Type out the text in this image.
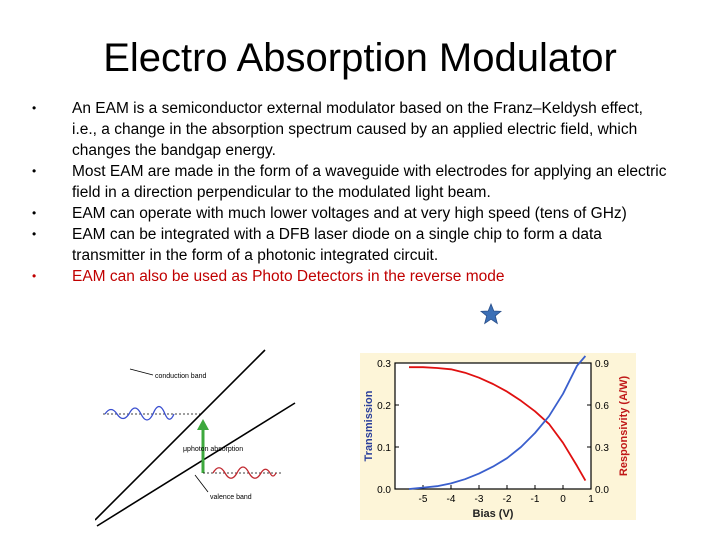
Electro Absorption Modulator
• An EAM is a semiconductor external modulator based on the Franz–Keldysh effect, i.e., a change in the absorption spectrum caused by an applied electric field, which changes the bandgap energy.
• Most EAM are made in the form of a waveguide with electrodes for applying an electric field in a direction perpendicular to the modulated light beam.
• EAM can operate with much lower voltages and at very high speed (tens of GHz)
• EAM can be integrated with a DFB laser diode on a single chip to form a data transmitter in the form of a photonic integrated circuit.
• EAM can also be used as Photo Detectors in the reverse mode
conduction band
valence band
μphoton absorption
-5 -4 -3 -2 -1 0 1
0.0
0.1
0.2
0.3
0.0
0.3
0.6
0.9
Bias (V)
Transmission	Responsivity (A/W)
